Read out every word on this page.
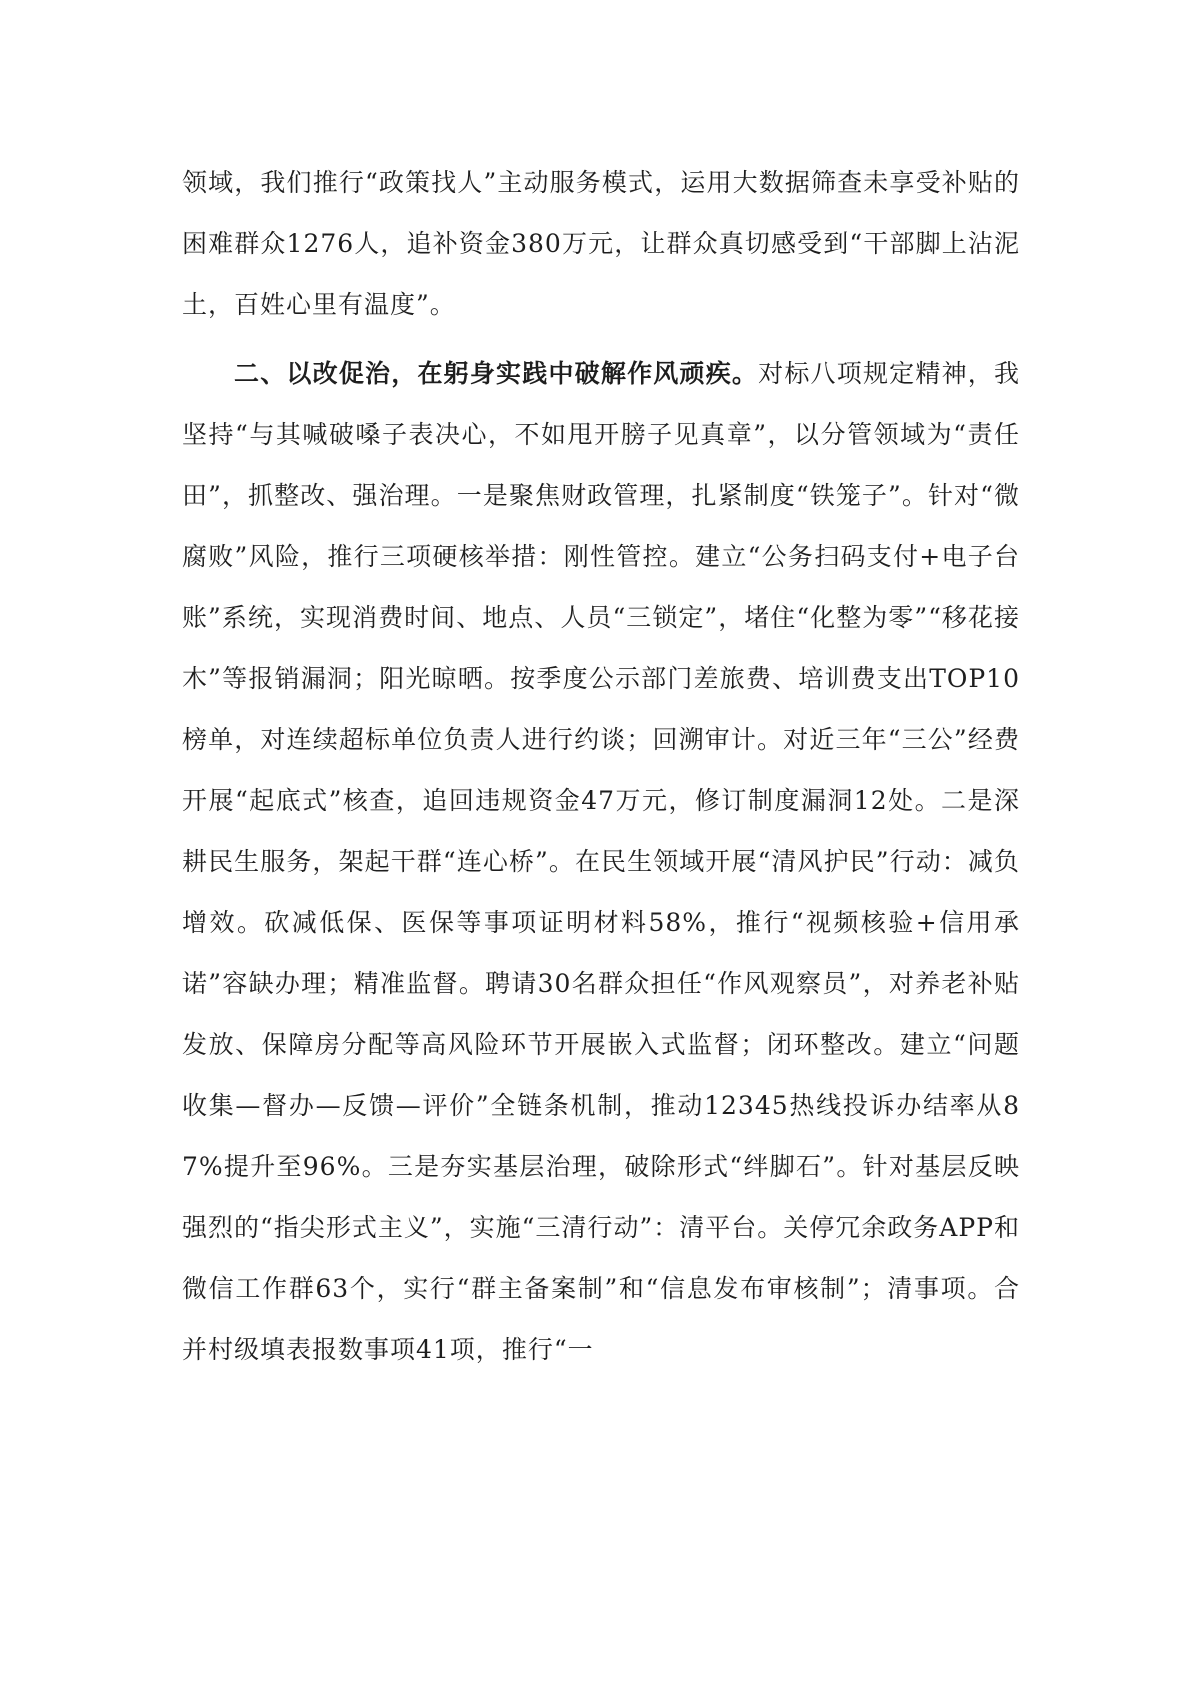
领域，我们推行“政策找人”主动服务模式，运用大数据筛查未享受补贴的困难群众1276人，追补资金380万元，让群众真切感受到“干部脚上沾泥土，百姓心里有温度”。

二、以改促治，在躬身实践中破解作风顽疾。对标八项规定精神，我坚持“与其喊破嗓子表决心，不如甩开膀子见真章”，以分管领域为“责任田”，抓整改、强治理。一是聚焦财政管理，扎紧制度“铁笼子”。针对“微腐败”风险，推行三项硬核举措：刚性管控。建立“公务扫码支付+电子台账”系统，实现消费时间、地点、人员“三锁定”，堵住“化整为零”“移花接木”等报销漏洞；阳光晾晒。按季度公示部门差旅费、培训费支出TOP10榜单，对连续超标单位负责人进行约谈；回溯审计。对近三年“三公”经费开展“起底式”核查，追回违规资金47万元，修订制度漏洞12处。二是深耕民生服务，架起干群“连心桥”。在民生领域开展“清风护民”行动：减负增效。砍减低保、医保等事项证明材料58%，推行“视频核验+信用承诺”容缺办理；精准监督。聘请30名群众担任“作风观察员”，对养老补贴发放、保障房分配等高风险环节开展嵌入式监督；闭环整改。建立“问题收集—督办—反馈—评价”全链条机制，推动12345热线投诉办结率从87%提升至96%。三是夯实基层治理，破除形式“绊脚石”。针对基层反映强烈的“指尖形式主义”，实施“三清行动”：清平台。关停冗余政务APP和微信工作群63个，实行“群主备案制”和“信息发布审核制”；清事项。合并村级填表报数事项41项，推行“一
